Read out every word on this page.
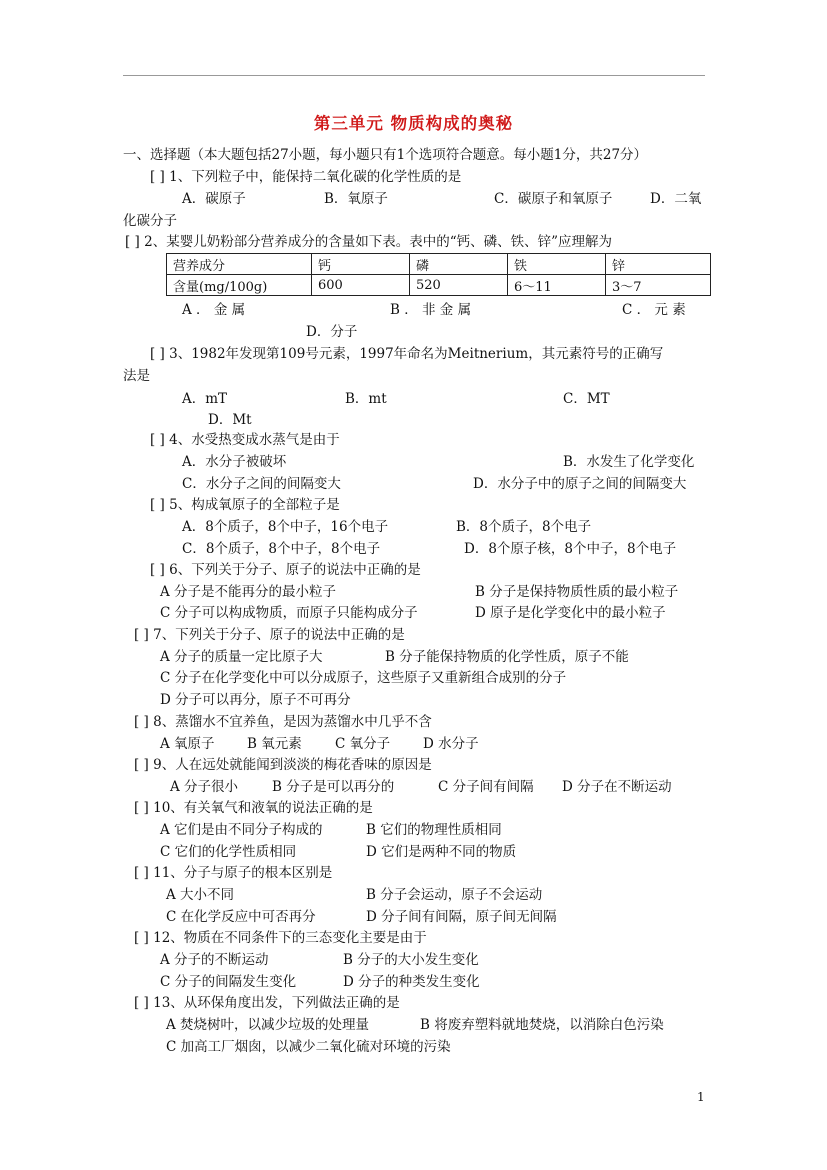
第三单元 物质构成的奥秘
一、选择题（本大题包括27小题，每小题只有1个选项符合题意。每小题1分，共27分）
[ ] 1、下列粒子中，能保持二氧化碳的化学性质的是
A．碳原子	B．氧原子	C．碳原子和氧原子	D．二氧
化碳分子
[ ] 2、某婴儿奶粉部分营养成分的含量如下表。表中的“钙、磷、铁、锌”应理解为
营养成分	钙	磷	铁	锌
含量(mg/100g)	600	520	6～11	3～7
A ． 金 属	B ． 非 金 属	C ． 元 素
D．分子
[ ] 3、1982年发现第109号元素，1997年命名为Meitnerium，其元素符号的正确写
法是
A．mT	B．mt	C．MT
D．Mt
[ ] 4、水受热变成水蒸气是由于
A．水分子被破坏	B．水发生了化学变化
C．水分子之间的间隔变大	D．水分子中的原子之间的间隔变大
[ ] 5、构成氧原子的全部粒子是
A．8个质子，8个中子，16个电子	B．8个质子，8个电子
C．8个质子，8个中子，8个电子	D．8个原子核，8个中子，8个电子
[ ] 6、下列关于分子、原子的说法中正确的是
A 分子是不能再分的最小粒子	B 分子是保持物质性质的最小粒子
C 分子可以构成物质，而原子只能构成分子	D 原子是化学变化中的最小粒子
[ ] 7、下列关于分子、原子的说法中正确的是
A 分子的质量一定比原子大	B 分子能保持物质的化学性质，原子不能
C 分子在化学变化中可以分成原子，这些原子又重新组合成别的分子
D 分子可以再分，原子不可再分
[ ] 8、蒸馏水不宜养鱼，是因为蒸馏水中几乎不含
A 氧原子 B 氧元素 C 氧分子 D 水分子
[ ] 9、人在远处就能闻到淡淡的梅花香味的原因是
A 分子很小	B 分子是可以再分的	C 分子间有间隔 D 分子在不断运动
[ ] 10、有关氧气和液氧的说法正确的是
A 它们是由不同分子构成的	B 它们的物理性质相同
C 它们的化学性质相同	D 它们是两种不同的物质
[ ] 11、分子与原子的根本区别是
A 大小不同	B 分子会运动，原子不会运动
C 在化学反应中可否再分	D 分子间有间隔，原子间无间隔
[ ] 12、物质在不同条件下的三态变化主要是由于
A 分子的不断运动	B 分子的大小发生变化
C 分子的间隔发生变化	D 分子的种类发生变化
[ ] 13、从环保角度出发，下列做法正确的是
A 焚烧树叶，以减少垃圾的处理量	B 将废弃塑料就地焚烧，以消除白色污染
C 加高工厂烟囱，以减少二氧化硫对环境的污染
1
